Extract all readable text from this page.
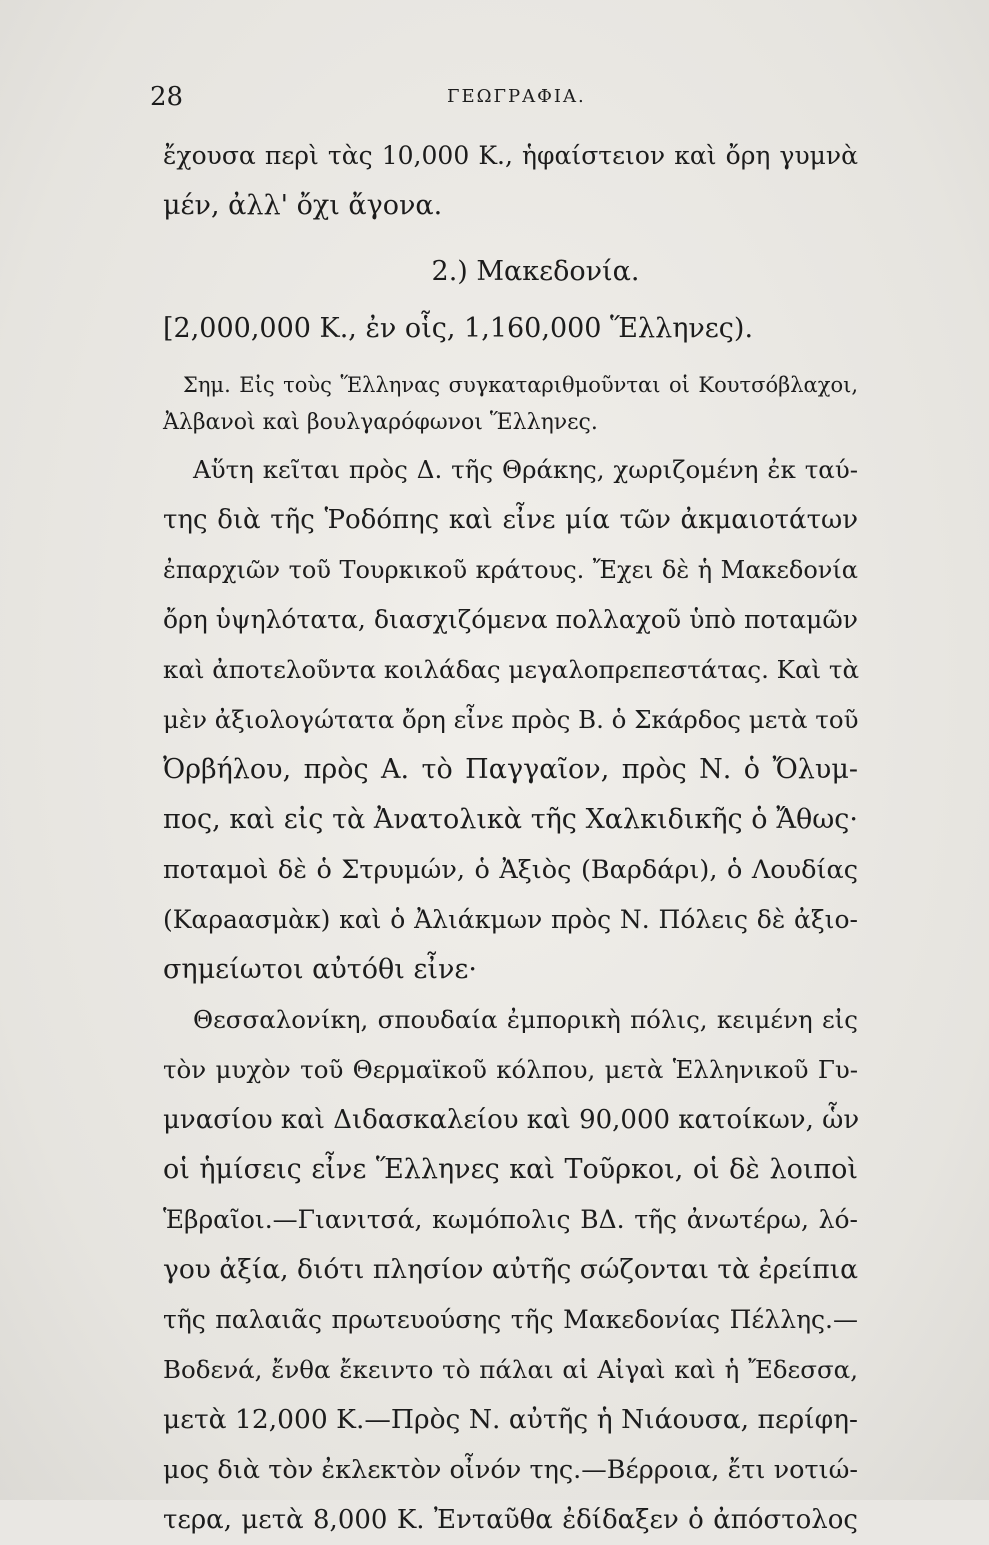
28	ΓΕΩΓΡΑΦΙΑ.
ἔχουσα περὶ τὰς 10,000 Κ., ἡφαίστειον καὶ ὄρη γυμνὰ
μέν, ἀλλ' ὄχι ἄγονα.
2.) Μακεδονία.
[2,000,000 Κ., ἐν οἷς, 1,160,000 Ἕλληνες).
Σημ. Εἰς τοὺς Ἕλληνας συγκαταριθμοῦνται οἱ Κουτσόβλαχοι,
Ἀλβανοὶ καὶ βουλγαρόφωνοι Ἕλληνες.
Αὕτη κεῖται πρὸς Δ. τῆς Θράκης, χωριζομένη ἐκ ταύ-
της διὰ τῆς Ῥοδόπης καὶ εἶνε μία τῶν ἀκμαιοτάτων
ἐπαρχιῶν τοῦ Τουρκικοῦ κράτους. Ἔχει δὲ ἡ Μακεδονία
ὄρη ὑψηλότατα, διασχιζόμενα πολλαχοῦ ὑπὸ ποταμῶν
καὶ ἀποτελοῦντα κοιλάδας μεγαλοπρεπεστάτας. Καὶ τὰ
μὲν ἀξιολογώτατα ὄρη εἶνε πρὸς Β. ὁ Σκάρδος μετὰ τοῦ
Ὀρβήλου, πρὸς Α. τὸ Παγγαῖον, πρὸς Ν. ὁ Ὄλυμ-
πος, καὶ εἰς τὰ Ἀνατολικὰ τῆς Χαλκιδικῆς ὁ Ἄθως·
ποταμοὶ δὲ ὁ Στρυμών, ὁ Ἀξιὸς (Βαρδάρι), ὁ Λουδίας
(Καρaασμὰκ) καὶ ὁ Ἀλιάκμων πρὸς Ν. Πόλεις δὲ ἀξιο-
σημείωτοι αὐτόθι εἶνε·
Θεσσαλονίκη, σπουδαία ἐμπορικὴ πόλις, κειμένη εἰς
τὸν μυχὸν τοῦ Θερμαϊκοῦ κόλπου, μετὰ Ἑλληνικοῦ Γυ-
μνασίου καὶ Διδασκαλείου καὶ 90,000 κατοίκων, ὧν
οἱ ἡμίσεις εἶνε Ἕλληνες καὶ Τοῦρκοι, οἱ δὲ λοιποὶ
Ἑβραῖοι.—Γιανιτσά, κωμόπολις ΒΔ. τῆς ἀνωτέρω, λό-
γου ἀξία, διότι πλησίον αὐτῆς σώζονται τὰ ἐρείπια
τῆς παλαιᾶς πρωτευούσης τῆς Μακεδονίας Πέλλης.—
Βοδενά, ἔνθα ἔκειντο τὸ πάλαι αἱ Αἰγαὶ καὶ ἡ Ἔδεσσα,
μετὰ 12,000 Κ.—Πρὸς Ν. αὐτῆς ἡ Νιάουσα, περίφη-
μος διὰ τὸν ἐκλεκτὸν οἶνόν της.—Βέρροια, ἔτι νοτιώ-
τερα, μετὰ 8,000 Κ. Ἐνταῦθα ἐδίδαξεν ὁ ἀπόστολος
